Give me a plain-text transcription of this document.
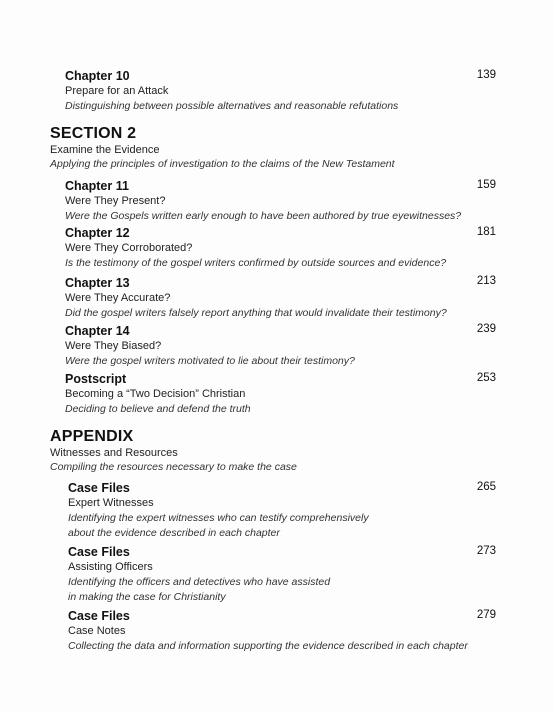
Chapter 10
Prepare for an Attack
Distinguishing between possible alternatives and reasonable refutations
139
SECTION 2
Examine the Evidence
Applying the principles of investigation to the claims of the New Testament
Chapter 11
Were They Present?
Were the Gospels written early enough to have been authored by true eyewitnesses?
159
Chapter 12
Were They Corroborated?
Is the testimony of the gospel writers confirmed by outside sources and evidence?
181
Chapter 13
Were They Accurate?
Did the gospel writers falsely report anything that would invalidate their testimony?
213
Chapter 14
Were They Biased?
Were the gospel writers motivated to lie about their testimony?
239
Postscript
Becoming a “Two Decision” Christian
Deciding to believe and defend the truth
253
APPENDIX
Witnesses and Resources
Compiling the resources necessary to make the case
Case Files
Expert Witnesses
Identifying the expert witnesses who can testify comprehensively
about the evidence described in each chapter
265
Case Files
Assisting Officers
Identifying the officers and detectives who have assisted
in making the case for Christianity
273
Case Files
Case Notes
Collecting the data and information supporting the evidence described in each chapter
279
